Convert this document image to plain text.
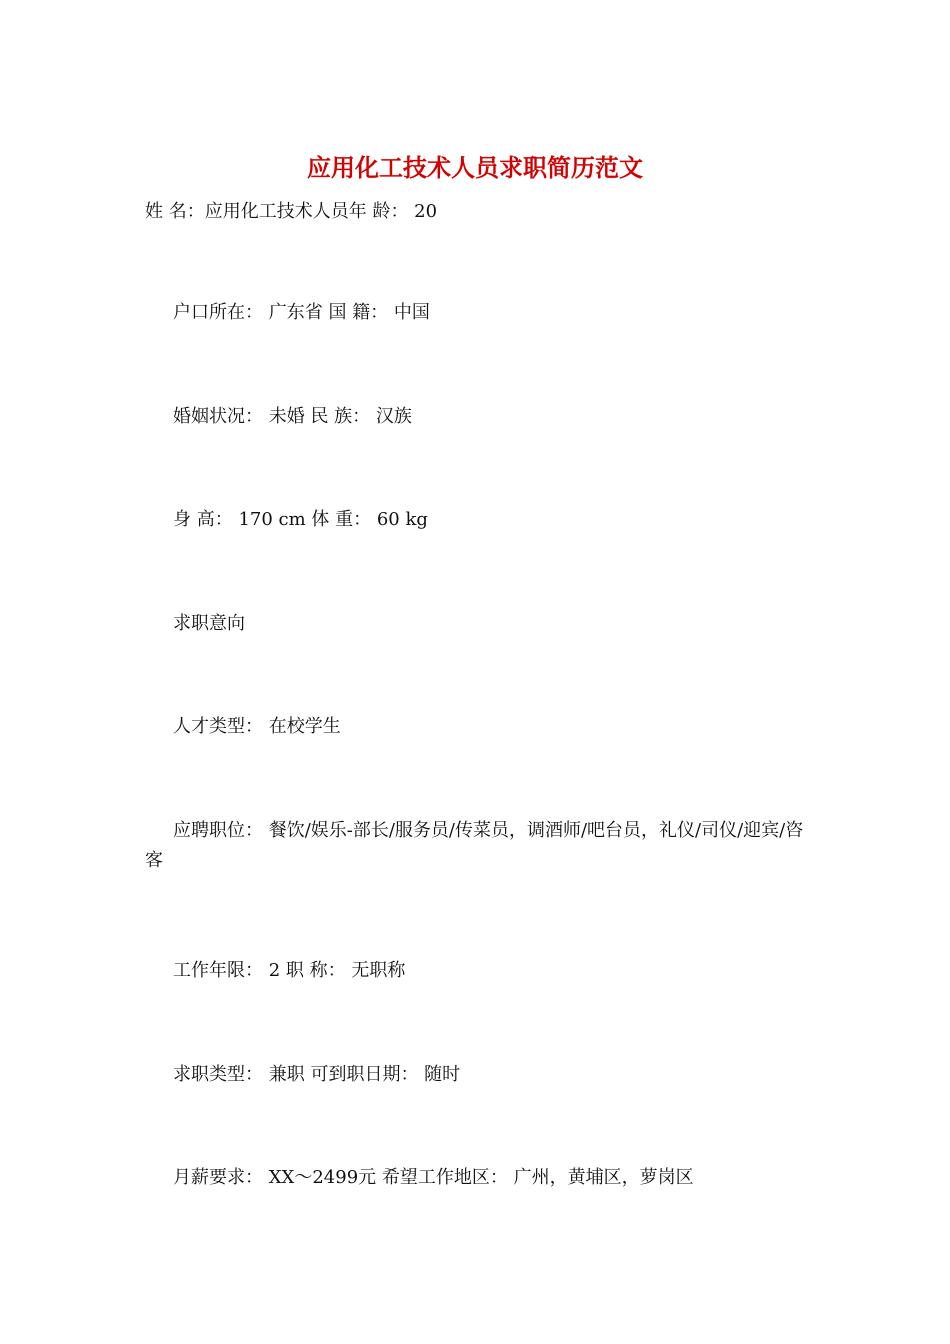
应用化工技术人员求职简历范文
姓 名：应用化工技术人员年 龄： 20
户口所在： 广东省 国 籍： 中国
婚姻状况： 未婚 民 族： 汉族
身 高： 170 cm 体 重： 60 kg
求职意向
人才类型： 在校学生
应聘职位： 餐饮/娱乐-部长/服务员/传菜员，调酒师/吧台员，礼仪/司仪/迎宾/咨客
工作年限： 2 职 称： 无职称
求职类型： 兼职 可到职日期： 随时
月薪要求： XX～2499元 希望工作地区： 广州，黄埔区，萝岗区
